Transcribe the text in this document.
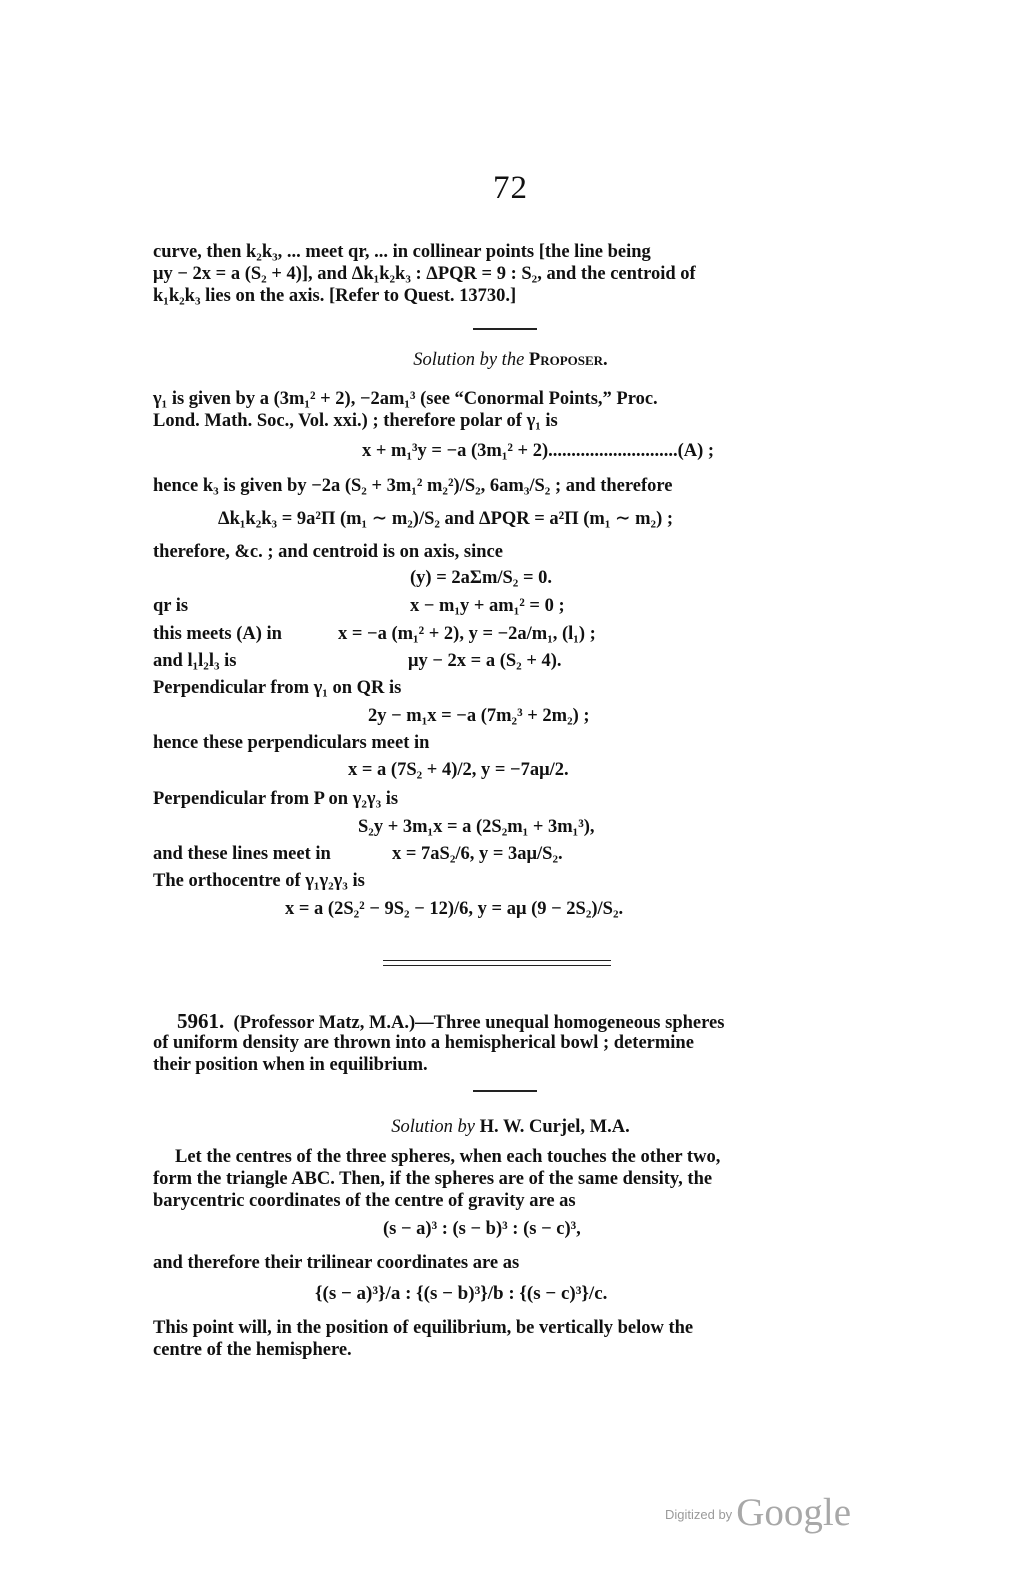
72
curve, then k₂k₃, ... meet qr, ... in collinear points [the line being
μy − 2x = a (S₂ + 4)], and Δk₁k₂k₃ : ΔPQR = 9 : S₂, and the centroid of
k₁k₂k₃ lies on the axis. [Refer to Quest. 13730.]
Solution by the Proposer.
γ₁ is given by a (3m₁² + 2), −2am₁³ (see “Conormal Points,” Proc.
Lond. Math. Soc., Vol. xxi.) ; therefore polar of γ₁ is
x + m₁³y = −a (3m₁² + 2)............................(A) ;
hence k₃ is given by −2a (S₂ + 3m₁² m₂²)/S₂, 6am₃/S₂ ; and therefore
Δk₁k₂k₃ = 9a²Π (m₁ ∼ m₂)/S₂ and ΔPQR = a²Π (m₁ ∼ m₂) ;
therefore, &c. ; and centroid is on axis, since
(y) = 2aΣm/S₂ = 0.
qr is	x − m₁y + am₁² = 0 ;
this meets (A) in	x = −a (m₁² + 2), y = −2a/m₁, (l₁) ;
and l₁l₂l₃ is	μy − 2x = a (S₂ + 4).
Perpendicular from γ₁ on QR is
2y − m₁x = −a (7m₂³ + 2m₂) ;
hence these perpendiculars meet in
x = a (7S₂ + 4)/2, y = −7aμ/2.
Perpendicular from P on γ₂γ₃ is
S₂y + 3m₁x = a (2S₂m₁ + 3m₁³),
and these lines meet in	x = 7aS₂/6, y = 3aμ/S₂.
The orthocentre of γ₁γ₂γ₃ is
x = a (2S₂² − 9S₂ − 12)/6, y = aμ (9 − 2S₂)/S₂.
5961. (Professor Matz, M.A.)—Three unequal homogeneous spheres
of uniform density are thrown into a hemispherical bowl ; determine
their position when in equilibrium.
Solution by H. W. Curjel, M.A.
Let the centres of the three spheres, when each touches the other two,
form the triangle ABC. Then, if the spheres are of the same density, the
barycentric coordinates of the centre of gravity are as
(s − a)³ : (s − b)³ : (s − c)³,
and therefore their trilinear coordinates are as
{(s − a)³}/a : {(s − b)³}/b : {(s − c)³}/c.
This point will, in the position of equilibrium, be vertically below the
centre of the hemisphere.
$^{Digitized by}$ Google
